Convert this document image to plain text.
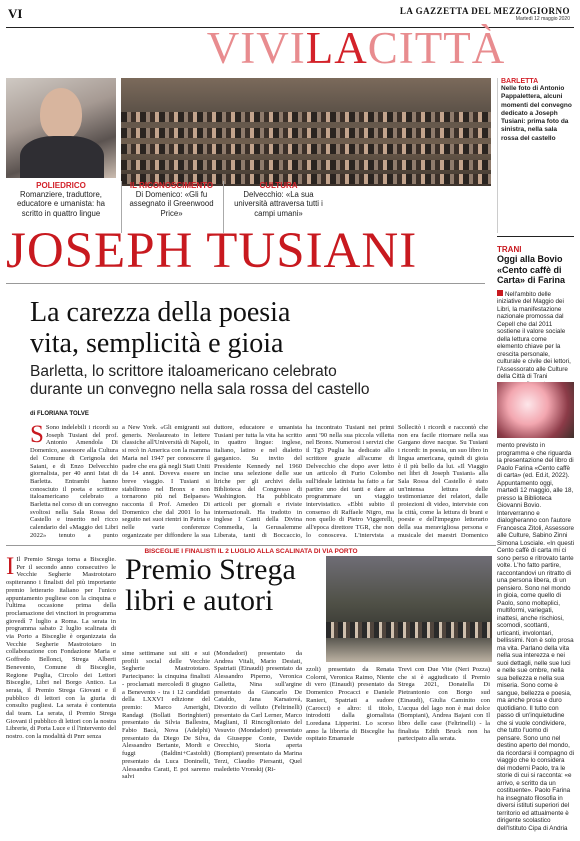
VI	LA GAZZETTA DEL MEZZOGIORNO
Martedì 12 maggio 2020
VIVILACITTÀ
BARLETTA
Nelle foto di Antonio Pappalettera, alcuni momenti del convegno dedicato a Joseph Tusiani: prima foto da sinistra, nella sala rossa del castello
POLIEDRICO
Romanziere, traduttore, educatore e umanista: ha scritto in quattro lingue
IL RICONOSCIMENTO
Di Domenico: «Gli fu assegnato il Greenwood Price»
CULTURA
Delvecchio: «La sua università attraversa tutti i campi umani»
JOSEPH TUSIANI
La carezza della poesia
vita, semplicità e gioia
Barletta, lo scrittore italoamericano celebrato
durante un convegno nella sala rossa del castello
di FLORIANA TOLVE
S Sono indelebili i ricordi su Joseph Tusiani del prof. Antonio Amendola Di Domenico, assessore alla Cultura del Comune di Cerignola dei Saiani, e di Enzo Delvecchio giornalista, per 40 anni Istat di Barletta. Entrambi hanno conosciuto il poeta e scrittore italoamericano celebrato a Barletta nel corso di un convegno svoltosi nella Sala Rossa del Castello e inserito nel ricco calendario del «Maggio dei Libri 2022» tenuto a punto
a New York. «Gli emigranti sui generis. Neolaureato in lettere classiche all'Università di Napoli, si recò in America con la mamma Maria nel 1947 per conoscere il padre che era già negli Stati Uniti da 14 anni. Doveva essere un breve viaggio. I Tusiani si stabilirono nel Bronx e non tornarono più nel Belpaese» racconta il Prof. Amedeo Di Domenico che dal 2001 lo ha seguito nei suoi rientri in Patria e nelle varie conferenze organizzate per diffondere la sua
duttore, educatore e umanista Tusiani per tutta la vita ha scritto in quattro lingue: inglese, italiano, latino e nel dialetto garganico. Su invito del Presidente Kennedy nel 1960 incise una selezione delle sue liriche per gli archivi della Biblioteca del Congresso di Washington. Ha pubblicato articoli per giornali e riviste internazionali. Ha tradotto in inglese I Canti della Divina Commedia, la Gerusalemme Liberata, tanti di Boccaccio,
ha incontrato Tusiani nei primi anni '90 nella sua piccola villetta nel Bronx. Numerosi i servizi che il Tg3 Puglia ha dedicato allo scrittore grazie all'acume di Delvecchio che dopo aver letto un articolo di Furio Colombo sull'ideale latinista ha fatto a far partire uno dei tanti e dare ai programmare un viaggio intervistatico. «Ebbi subito il consenso di Raffaele Nigro, ma non quello di Pietro Viggerelli, all'epoca direttore TGR, che non lo conosceva. L'intervista a
Sollecitò i ricordi e raccontò che non era facile ritornare nella sua Gargano dove nacque. Su Tusiani i ricordi: in poesia, un suo libro in lingua americana, quindi di gioia è il più bello da lui. «Il Viaggio nei libri di Joseph Tusiani» alla Sala Rossa del Castello è stato un'intensa lettura delle testimonianze dei relatori, dalle proiezioni di video, interviste con la città, come la lettura di brani e poesie e dell'impegno letterario della sua meravigliosa persona e musicale dei maestri Domenico
TRANI
Oggi alla Bovio «Cento caffè di Carta» di Farina
Nell'ambito delle iniziative del Maggio dei Libri, la manifestazione nazionale promossa dal Cepell che dal 2011 sostiene il valore sociale della lettura come elemento chiave per la crescita personale, culturale e civile dei lettori, l'Assessorato alle Culture della Città di Trani
mento previsto in programma e che riguarda la presentazione del libro di Paolo Farina «Cento caffè di carta» (ed. Ed.it, 2022). Appuntamento oggi, martedì 12 maggio, alle 18, presso la Biblioteca Giovanni Bovio. Interverranno e dialogheranno con l'autore Francesca Zitoli, Assessore alle Culture, Sabino Zinni Simona Losciale. «In questi Cento caffè di carta mi ci sono perso e ritrovato tante volte. L'ho fatto partire, raccontandovi un ritratto di una persona libera, di un pensiero. Sono nel mondo in gioia, come quello di Paolo, sono molteplici, multiformi, variegati, inattesi, anche rischiosi, scomodi, scottanti, urticanti, involontari, bellissimi. Non è solo prosa ma vita. Parlano della vita nella sua interezza e nei suoi dettagli, nelle sue luci e nelle sue ombre, nella sua bellezza e nella sua miseria. Sono come è sangue, bellezza e poesia, ma anche prosa e duro quotidiano. Il tutto con passo di un'inquietudine che si vuole condividere, che tutto l'uomo di pensare. Sono uno nel destino aperto del mondo, da ricordarsi il compagno di viaggio che lo considera dei moderni Paolo, tra le storie di cui si racconta: «e arrivo, e scritto da un costituente». Paolo Farina ha insegnato filosofia in diversi istituti superiori del territorio ed attualmente è dirigente scolastico dell'Istituto Cipa di Andria
BISCEGLIE I FINALISTI IL 2 LUGLIO ALLA SCALINATA DI VIA PORTO
Premio Strega
libri e autori
I Il Premio Strega torna a Bisceglie. Per il secondo anno consecutivo le Vecchie Segherie Mastrototaro ospiteranno i finalisti del più importante premio letterario italiano per l'unico appuntamento pugliese con la cinquina e l'ultima occasione prima della proclamazione dei vincitori in programma giovedì 7 luglio a Roma. La serata in programma sabato 2 luglio scalinata di via Porto a Bisceglie è organizzata da Vecchie Segherie Mastrototaro in collaborazione con Fondazione Maria e Goffredo Bellonci, Strega Alberti Benevento, Comune di Bisceglie, Regione Puglia, Circolo dei Lettori Bisceglie, Libri nel Borgo Antico. La serata, il Premio Strega Giovani e il pubblico di lettori con la giuria di consulto pugliesi. La serata è contenuta dal team. La serata, il Premio Strega Giovani il pubblico di lettori con la nostra Librerie, di Porta Luce e il l'intervento del nostro. con la modalità di Pnrr senza
sime settimane sui siti e sui profili social delle Vecchie Segherie Mastrototaro. Partecipano: la cinquina finalisti - proclamati mercoledì 8 giugno a Benevento - tra i 12 candidati della LXXVI edizione del premio: Marco Amerighi, Randagi (Bollati Boringhieri) presentato da Silvia Ballestra, Fabio Bacà, Nova (Adelphi) presentato da Diego De Silva, Alessandro Bertante, Mordi e fuggi (Baldini+Castoldi) presentato da Luca Doninelli, Alessandra Carati, E poi saremo salvi
(Mondadori) presentato da Andrea Vitali, Mario Desiati, Spatriati (Einaudi) presentato da Alessandro Piperno, Veronica Galletta, Nina sull'argine presentato da Giancarlo De Cataldo, Jana Karsaiová, Divorzio di velluto (Feltrinelli) presentato da Carl Lerner, Marco Magliani, Il Rincoglioniato del Vesuvio (Mondadori) presentato da Giuseppe Conte, Davide Orecchio, Storia aperta (Bompiani) presentato da Marina Terzi, Claudio Piersanti, Quel maledetto Vronskij (Ri-
zzoli) presentato da Renata Colorni, Veronica Raimo, Niente di vero (Einaudi) presentato da Domenico Procacci e Daniele Ranieri, Spatriati a sudore (Carocci) e altro: il titolo, introdotti dalla giornalista Loredana Lipperini. Lo scorso anno la libreria di Bisceglie ha ospitato Emanuele
Trevi con Due Vite (Neri Pozza) che si è aggiudicato il Premio Strega 2021, Donatella Di Pietrantonio con Borgo sud (Einaudi), Giulia Caminito con L'acqua del lago non è mai dolce (Bompiani), Andrea Bajani con Il libro delle case (Feltrinelli) - la finalista Edith Bruck non ha partecipato alla serata.
